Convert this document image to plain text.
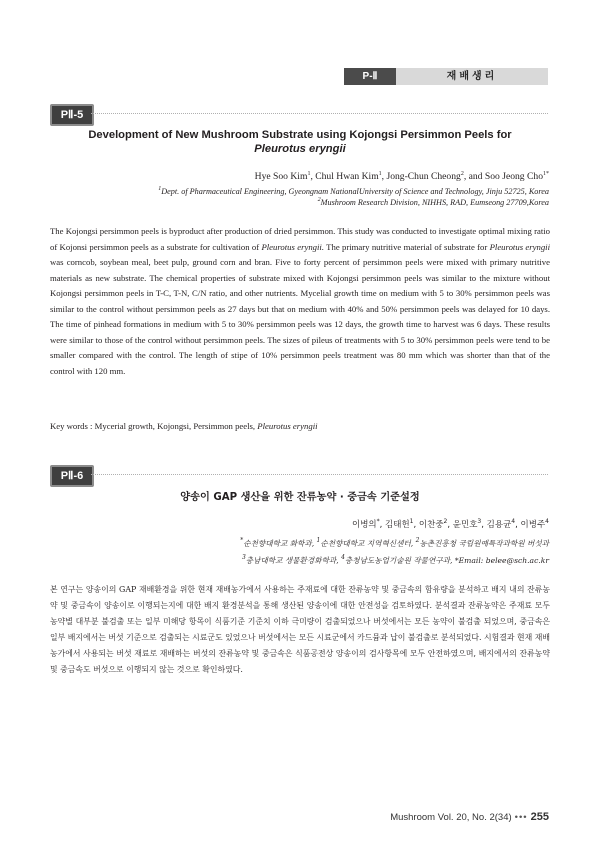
P-Ⅱ	재배생리
PⅡ-5
Development of New Mushroom Substrate using Kojongsi Persimmon Peels for
Pleurotus eryngii
Hye Soo Kim$^1$, Chul Hwan Kim$^1$, Jong-Chun Cheong$^2$, and Soo Jeong Cho$^{1*}$
$^1$Dept. of Pharmaceutical Engineering, Gyeongnam NationalUniversity of Science and Technology, Jinju 52725, Korea
$^2$Mushroom Research Division, NIHHS, RAD, Eumseong 27709,Korea
The Kojongsi persimmon peels is byproduct after production of dried persimmon. This study was conducted to investigate optimal mixing ratio of Kojonsi persimmon peels as a substrate for cultivation of Pleurotus eryngii. The primary nutritive material of substrate for Pleurotus eryngii was corncob, soybean meal, beet pulp, ground corn and bran. Five to forty percent of persimmon peels were mixed with primary nutritive materials as new substrate. The chemical properties of substrate mixed with Kojongsi persimmon peels was similar to the mixture without Kojongsi persimmon peels in T-C, T-N, C/N ratio, and other nutrients. Mycelial growth time on medium with 5 to 30% persimmon peels was similar to the control without persimmon peels as 27 days but that on medium with 40% and 50% persimmon peels was delayed for 10 days. The time of pinhead formations in medium with 5 to 30% persimmon peels was 12 days, the growth time to harvest was 6 days. These results were similar to those of the control without persimmon peels. The sizes of pileus of treatments with 5 to 30% persimmon peels were tend to be smaller compared with the control. The length of stipe of 10% persimmon peels treatment was 80 mm which was shorter than that of the control with 120 mm.
Key words : Mycerial growth, Kojongsi, Persimmon peels, Pleurotus eryngii
PⅡ-6
양송이 GAP 생산을 위한 잔류농약 · 중금속 기준설정
이병의*, 김태헌$^1$, 이찬중$^2$, 윤민호$^3$, 김용균$^4$, 이병주$^4$
*순천향대학교 화학과, $^1$순천향대학교 지역혁신센터, $^2$농촌진흥청 국립원예특작과학원 버섯과
$^3$충남대학교 생물환경화학과, $^4$충청남도농업기술원 작물연구과, *Email: belee@sch.ac.kr
본 연구는 양송이의 GAP 재배환경을 위한 현재 재배농가에서 사용하는 주재료에 대한 잔류농약 및 중금속의 함유량을 분석하고 배지 내의 잔류농약 및 중금속이 양송이로 이행되는지에 대한 배지 환경분석을 통해 생산된 양송이에 대한 안전성을 검토하였다. 분석결과 잔류농약은 주재료 모두 농약별 대부분 불검출 또는 일부 미해당 항목이 식품기준 기준치 이하 극미량이 검출되었으나 버섯에서는 모든 농약이 불검출 되었으며, 중금속은 일부 배지에서는 버섯 기준으로 검출되는 시료군도 있었으나 버섯에서는 모든 시료군에서 카드뮴과 납이 불검출로 분석되었다. 시험결과 현재 재배농가에서 사용되는 버섯 재료로 재배하는 버섯의 잔류농약 및 중금속은 식품공전상 양송이의 검사항목에 모두 안전하였으며, 배지에서의 잔류농약 및 중금속도 버섯으로 이행되지 않는 것으로 확인하였다.
Mushroom Vol. 20, No. 2(34) ••• 255
